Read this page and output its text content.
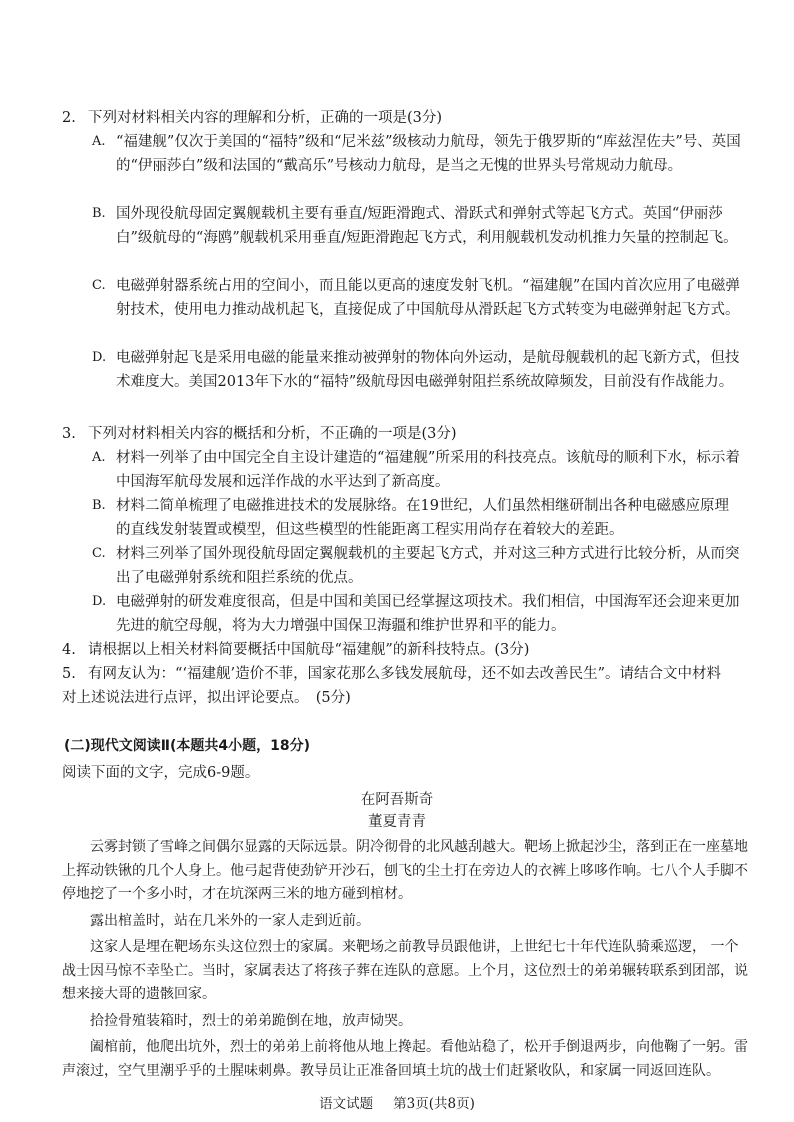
2. 下列对材料相关内容的理解和分析，正确的一项是(3分)
A. “福建舰”仅次于美国的“福特”级和“尼米兹”级核动力航母，领先于俄罗斯的“库兹涅佐夫”号、英国的“伊丽莎白”级和法国的“戴高乐”号核动力航母，是当之无愧的世界头号常规动力航母。
B. 国外现役航母固定翼舰载机主要有垂直/短距滑跑式、滑跃式和弹射式等起飞方式。英国“伊丽莎白”级航母的“海鸥”舰载机采用垂直/短距滑跑起飞方式，利用舰载机发动机推力矢量的控制起飞。
C. 电磁弹射器系统占用的空间小，而且能以更高的速度发射飞机。“福建舰”在国内首次应用了电磁弹射技术，使用电力推动战机起飞，直接促成了中国航母从滑跃起飞方式转变为电磁弹射起飞方式。
D. 电磁弹射起飞是采用电磁的能量来推动被弹射的物体向外运动，是航母舰载机的起飞新方式，但技术难度大。美国2013年下水的“福特”级航母因电磁弹射阻拦系统故障频发，目前没有作战能力。
3. 下列对材料相关内容的概括和分析，不正确的一项是(3分)
A. 材料一列举了由中国完全自主设计建造的“福建舰”所采用的科技亮点。该航母的顺利下水，标示着中国海军航母发展和远洋作战的水平达到了新高度。
B. 材料二简单梳理了电磁推进技术的发展脉络。在19世纪，人们虽然相继研制出各种电磁感应原理的直线发射装置或模型，但这些模型的性能距离工程实用尚存在着较大的差距。
C. 材料三列举了国外现役航母固定翼舰载机的主要起飞方式，并对这三种方式进行比较分析，从而突出了电磁弹射系统和阻拦系统的优点。
D. 电磁弹射的研发难度很高，但是中国和美国已经掌握这项技术。我们相信，中国海军还会迎来更加先进的航空母舰，将为大力增强中国保卫海疆和维护世界和平的能力。
4. 请根据以上相关材料简要概括中国航母“福建舰”的新科技特点。(3分)
5. 有网友认为：“‘福建舰’造价不菲，国家花那么多钱发展航母，还不如去改善民生”。请结合文中材料对上述说法进行点评，拟出评论要点。　(5分)
(二)现代文阅读Ⅱ(本题共4小题，18分)
阅读下面的文字，完成6-9题。
在阿吾斯奇
董夏青青

云雾封锁了雪峰之间偶尔显露的天际远景。阴冷彻骨的北风越刮越大。靶场上掀起沙尘，落到正在一座墓地上挥动铁锹的几个人身上。他弓起背使劲铲开沙石，刨飞的尘土打在旁边人的衣裤上哆哆作响。七八个人手脚不停地挖了一个多小时，才在坑深两三米的地方碰到棺材。

露出棺盖时，站在几米外的一家人走到近前。

这家人是埋在靶场东头这位烈士的家属。来靶场之前教导员跟他讲，上世纪七十年代连队骑乘巡逻， 一个战士因马惊不幸坠亡。当时，家属表达了将孩子葬在连队的意愿。上个月，这位烈士的弟弟辗转联系到团部，说想来接大哥的遗骸回家。

拾捡骨殖装箱时，烈士的弟弟跪倒在地，放声恸哭。

阖棺前，他爬出坑外，烈士的弟弟上前将他从地上搀起。看他站稳了，松开手倒退两步，向他鞠了一躬。雷声滚过，空气里潮乎乎的土腥味刺鼻。教导员让正准备回填土坑的战士们赶紧收队，和家属一同返回连队。

语文试题 第3页(共8页)
